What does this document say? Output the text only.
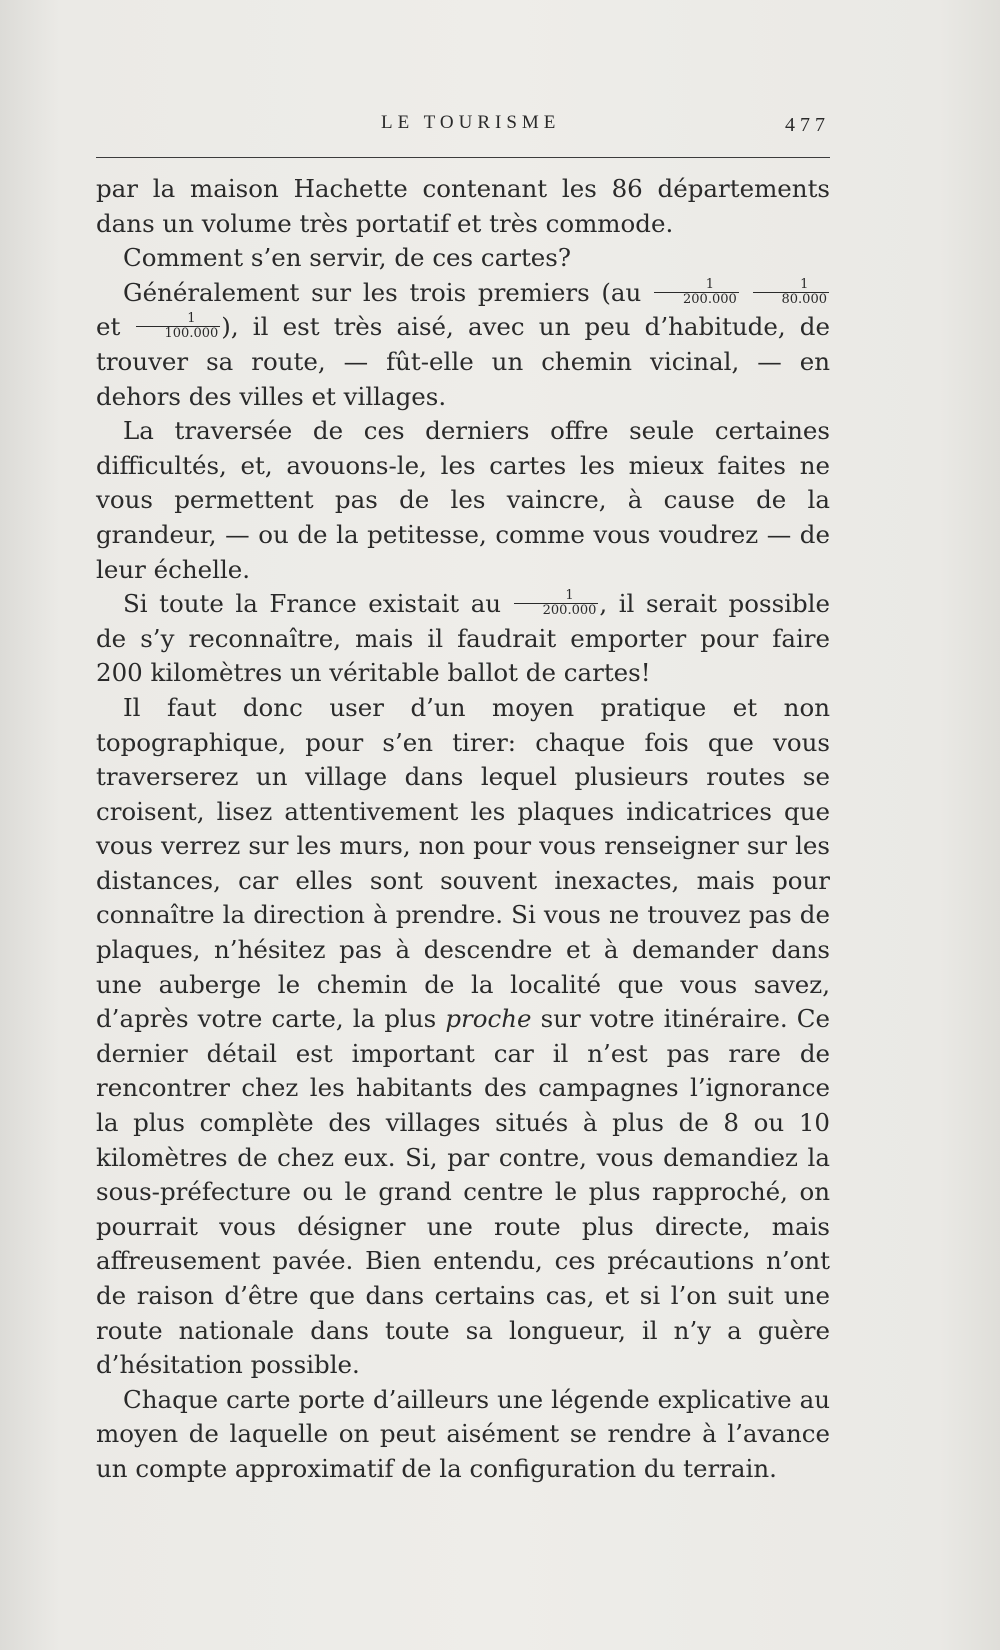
LE TOURISME	477

par la maison Hachette contenant les 86 départements dans un volume très portatif et très commode.

Comment s’en servir, de ces cartes?

Généralement sur les trois premiers ($au \frac{1}{200.000}$
$\frac{1}{80.000}$
et $\frac{1}{100.000}$ ), il est très aisé, avec un peu d’habitude, de trouver sa route, — fût-elle un chemin vicinal, — en dehors des villes et villages.

La traversée de ces derniers offre seule certaines difficultés, et, avouons-le, les cartes les mieux faites ne vous permettent pas de les vaincre, à cause de la grandeur, — ou de la petitesse, comme vous voudrez — de leur échelle.

Si toute la France existait au $\frac{1}{200.000}$ , il serait possible de s’y reconnaître, mais il faudrait emporter pour faire 200 kilomètres un véritable ballot de cartes!

Il faut donc user d’un moyen pratique et non topographique, pour s’en tirer: chaque fois que vous traverserez un village dans lequel plusieurs routes se croisent, lisez attentivement les plaques indicatrices que vous verrez sur les murs, non pour vous renseigner sur les distances, car elles sont souvent inexactes, mais pour connaître la direction à prendre. Si vous ne trouvez pas de plaques, n’hésitez pas à descendre et à demander dans une auberge le chemin de la localité que vous savez, d’après votre carte, la plus proche sur votre itinéraire. Ce dernier détail est important car il n’est pas rare de rencontrer chez les habitants des campagnes l’ignorance la plus complète des villages situés à plus de 8 ou 10 kilomètres de chez eux. Si, par contre, vous demandiez la sous-préfecture ou le grand centre le plus rapproché, on pourrait vous désigner une route plus directe, mais affreusement pavée. Bien entendu, ces précautions n’ont de raison d’être que dans certains cas, et si l’on suit une route nationale dans toute sa longueur, il n’y a guère d’hésitation possible.

Chaque carte porte d’ailleurs une légende explicative au moyen de laquelle on peut aisément se rendre à l’avance un compte approximatif de la configuration du terrain.
